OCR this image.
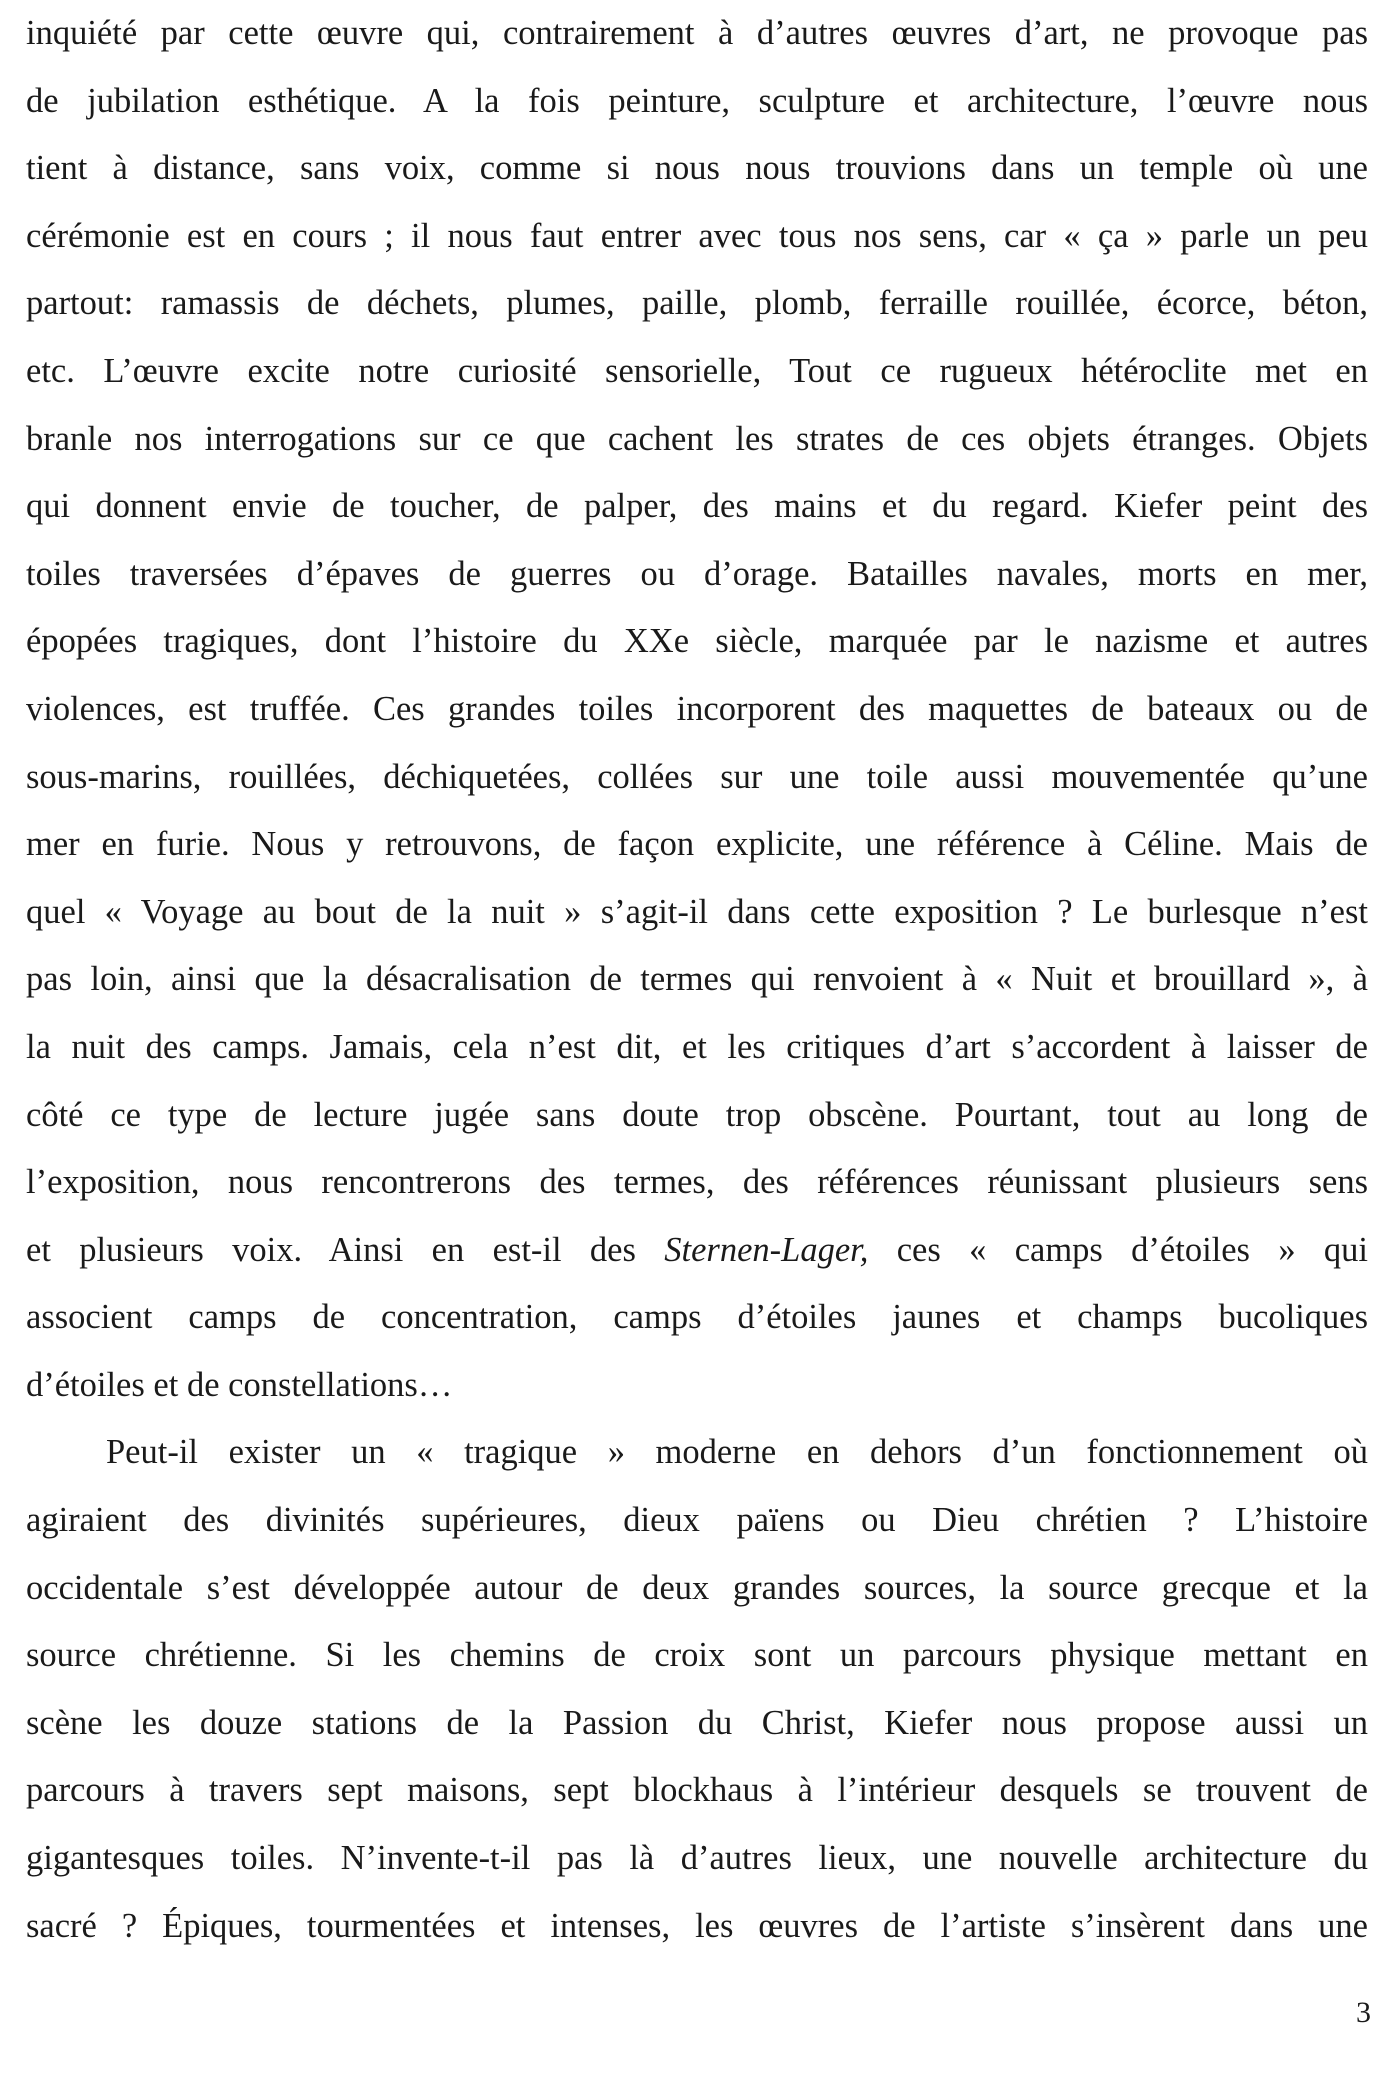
inquiété par cette œuvre qui, contrairement à d’autres œuvres d’art, ne provoque pas
de jubilation esthétique. A la fois peinture, sculpture et architecture, l’œuvre nous
tient à distance, sans voix, comme si nous nous trouvions dans un temple où une
cérémonie est en cours ; il nous faut entrer avec tous nos sens, car « ça » parle un peu
partout: ramassis de déchets, plumes, paille, plomb, ferraille rouillée, écorce, béton,
etc. L’œuvre excite notre curiosité sensorielle, Tout ce rugueux hétéroclite met en
branle nos interrogations sur ce que cachent les strates de ces objets étranges. Objets
qui donnent envie de toucher, de palper, des mains et du regard. Kiefer peint des
toiles traversées d’épaves de guerres ou d’orage. Batailles navales, morts en mer,
épopées tragiques, dont l’histoire du XXe siècle, marquée par le nazisme et autres
violences, est truffée. Ces grandes toiles incorporent des maquettes de bateaux ou de
sous-marins, rouillées, déchiquetées, collées sur une toile aussi mouvementée qu’une
mer en furie. Nous y retrouvons, de façon explicite, une référence à Céline. Mais de
quel « Voyage au bout de la nuit » s’agit-il dans cette exposition ? Le burlesque n’est
pas loin, ainsi que la désacralisation de termes qui renvoient à « Nuit et brouillard », à
la nuit des camps. Jamais, cela n’est dit, et les critiques d’art s’accordent à laisser de
côté ce type de lecture jugée sans doute trop obscène. Pourtant, tout au long de
l’exposition, nous rencontrerons des termes, des références réunissant plusieurs sens
et plusieurs voix. Ainsi en est-il des Sternen-Lager, ces « camps d’étoiles » qui
associent camps de concentration, camps d’étoiles jaunes et champs bucoliques
d’étoiles et de constellations…
Peut-il exister un « tragique » moderne en dehors d’un fonctionnement où
agiraient des divinités supérieures, dieux païens ou Dieu chrétien ? L’histoire
occidentale s’est développée autour de deux grandes sources, la source grecque et la
source chrétienne. Si les chemins de croix sont un parcours physique mettant en
scène les douze stations de la Passion du Christ, Kiefer nous propose aussi un
parcours à travers sept maisons, sept blockhaus à l’intérieur desquels se trouvent de
gigantesques toiles. N’invente-t-il pas là d’autres lieux, une nouvelle architecture du
sacré ? Épiques, tourmentées et intenses, les œuvres de l’artiste s’insèrent dans une
3
